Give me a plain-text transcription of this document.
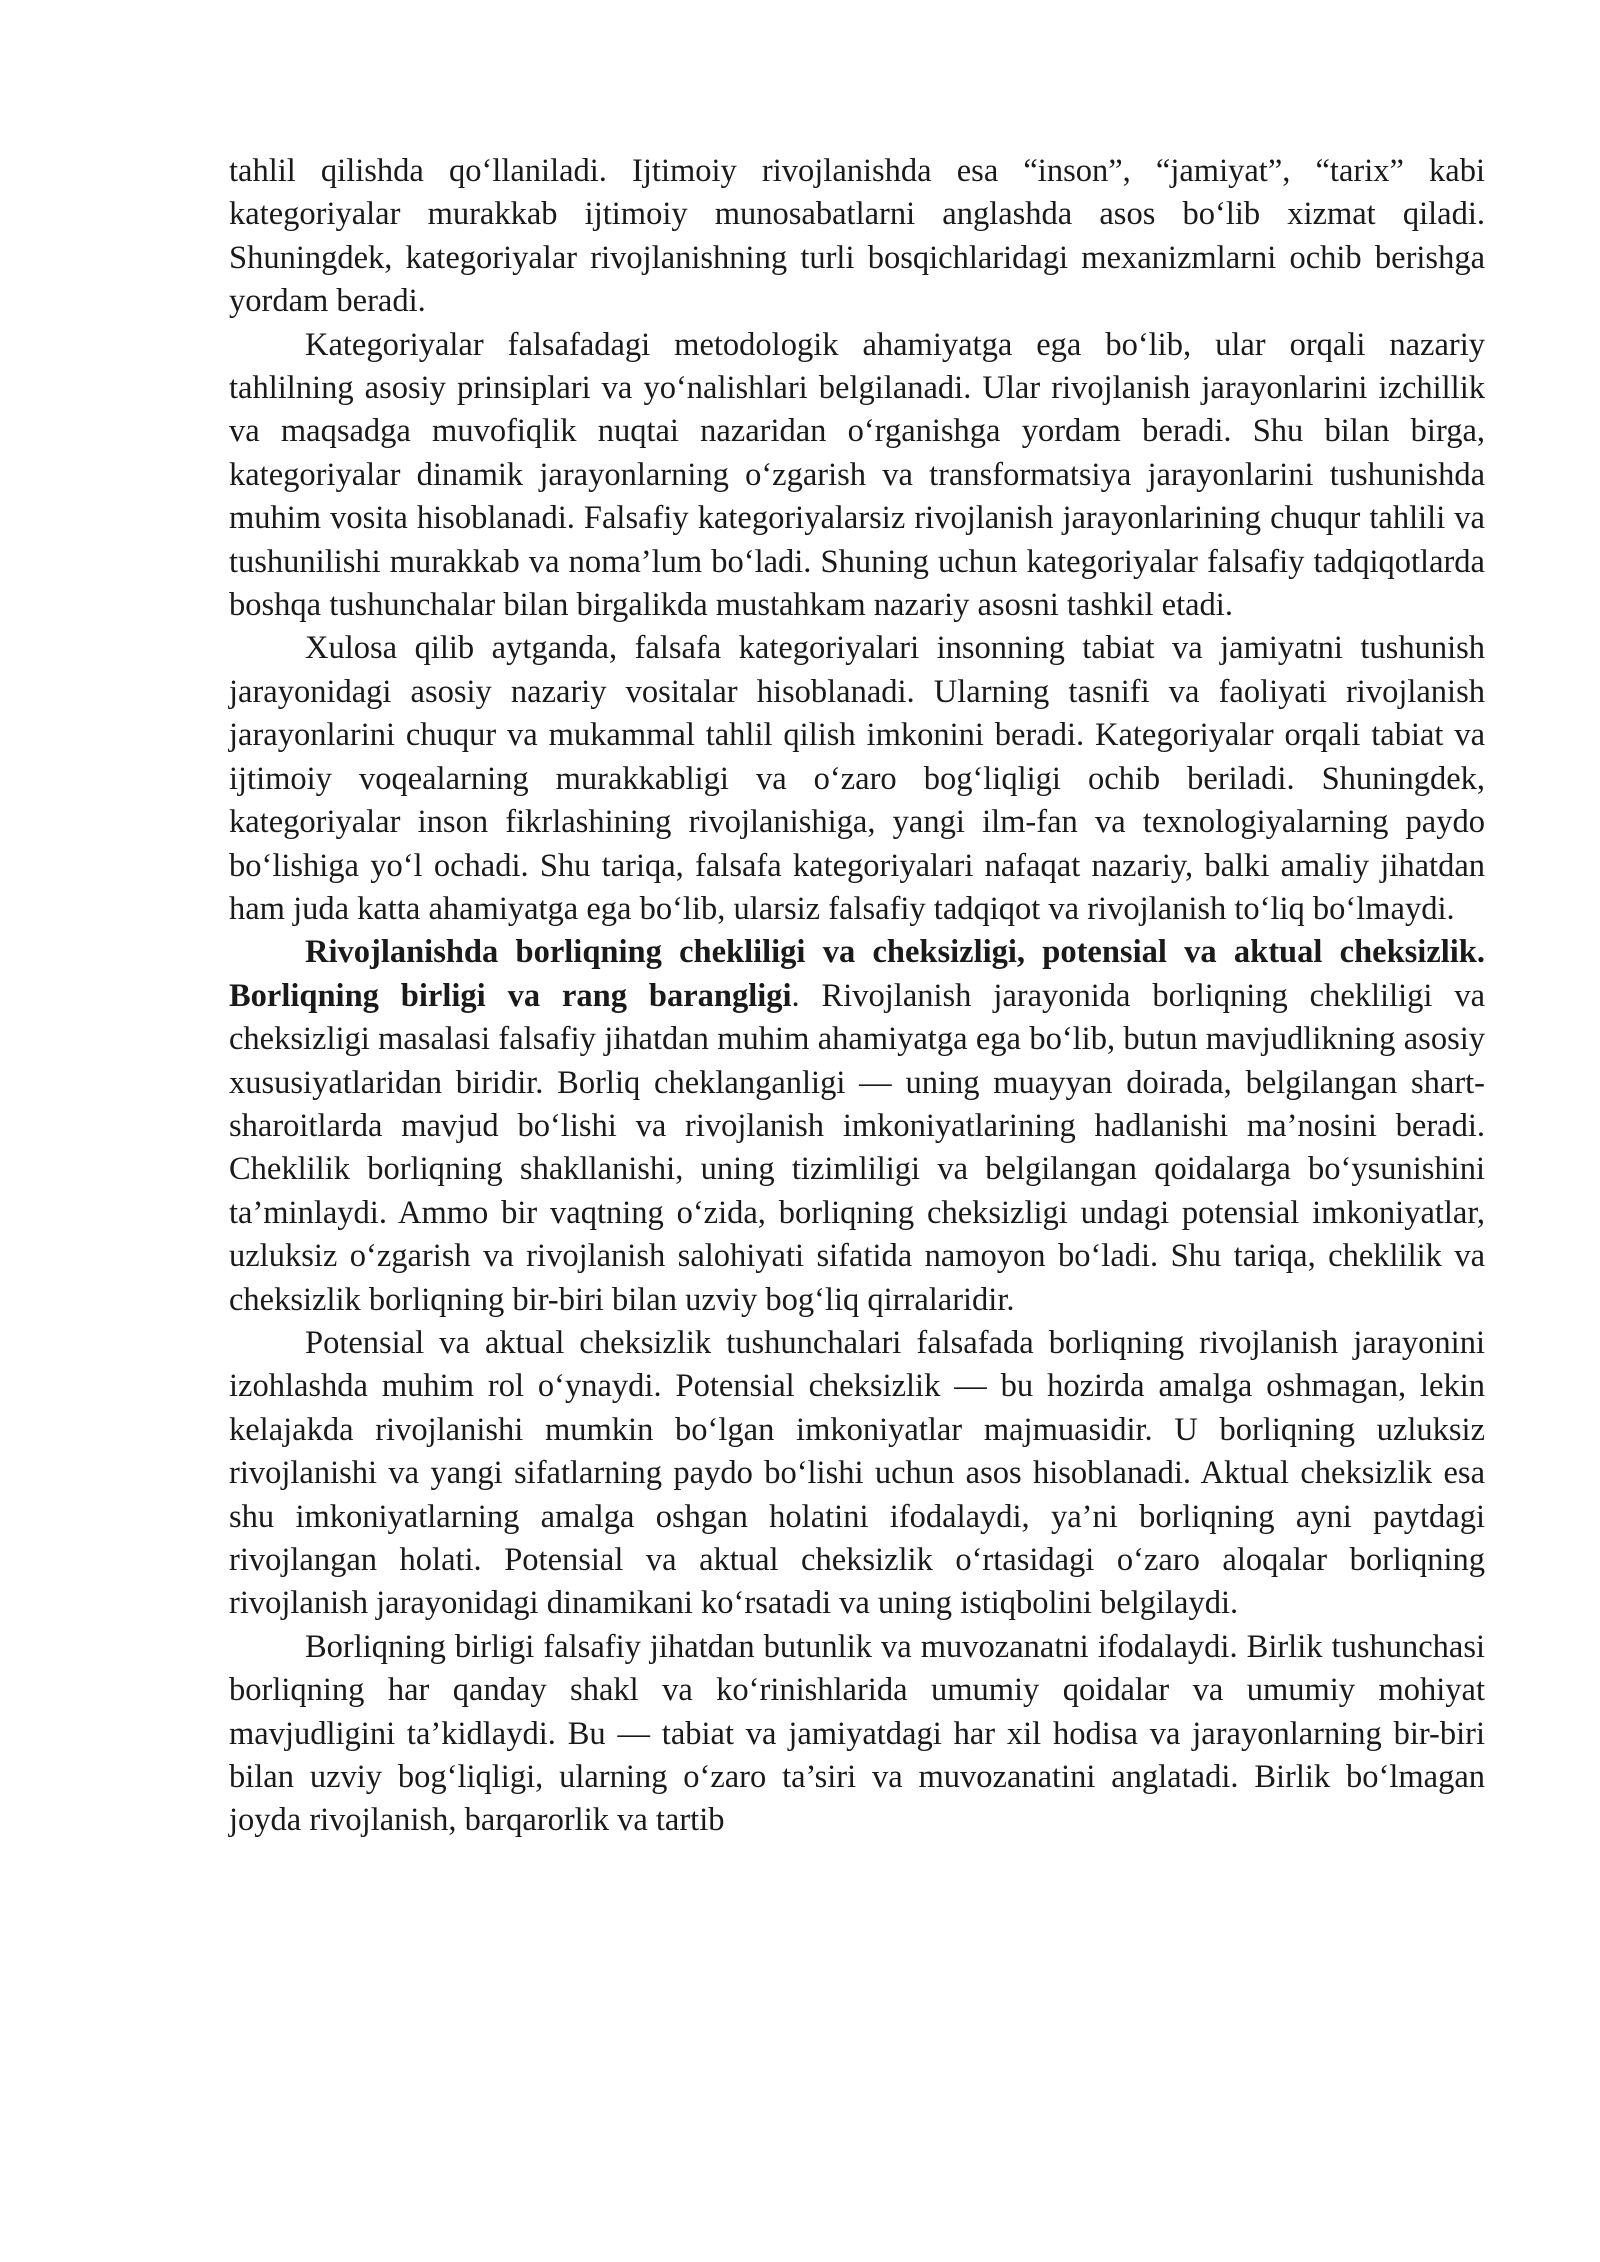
tahlil qilishda qo‘llaniladi. Ijtimoiy rivojlanishda esa “inson”, “jamiyat”, “tarix” kabi kategoriyalar murakkab ijtimoiy munosabatlarni anglashda asos bo‘lib xizmat qiladi. Shuningdek, kategoriyalar rivojlanishning turli bosqichlaridagi mexanizmlarni ochib berishga yordam beradi.

Kategoriyalar falsafadagi metodologik ahamiyatga ega bo‘lib, ular orqali nazariy tahlilning asosiy prinsiplari va yo‘nalishlari belgilanadi. Ular rivojlanish jarayonlarini izchillik va maqsadga muvofiqlik nuqtai nazaridan o‘rganishga yordam beradi. Shu bilan birga, kategoriyalar dinamik jarayonlarning o‘zgarish va transformatsiya jarayonlarini tushunishda muhim vosita hisoblanadi. Falsafiy kategoriyalarsiz rivojlanish jarayonlarining chuqur tahlili va tushunilishi murakkab va noma’lum bo‘ladi. Shuning uchun kategoriyalar falsafiy tadqiqotlarda boshqa tushunchalar bilan birgalikda mustahkam nazariy asosni tashkil etadi.

Xulosa qilib aytganda, falsafa kategoriyalari insonning tabiat va jamiyatni tushunish jarayonidagi asosiy nazariy vositalar hisoblanadi. Ularning tasnifi va faoliyati rivojlanish jarayonlarini chuqur va mukammal tahlil qilish imkonini beradi. Kategoriyalar orqali tabiat va ijtimoiy voqealarning murakkabligi va o‘zaro bog‘liqligi ochib beriladi. Shuningdek, kategoriyalar inson fikrlashining rivojlanishiga, yangi ilm-fan va texnologiyalarning paydo bo‘lishiga yo‘l ochadi. Shu tariqa, falsafa kategoriyalari nafaqat nazariy, balki amaliy jihatdan ham juda katta ahamiyatga ega bo‘lib, ularsiz falsafiy tadqiqot va rivojlanish to‘liq bo‘lmaydi.

Rivojlanishda borliqning chekliligi va cheksizligi, potensial va aktual cheksizlik. Borliqning birligi va rang barangligi. Rivojlanish jarayonida borliqning chekliligi va cheksizligi masalasi falsafiy jihatdan muhim ahamiyatga ega bo‘lib, butun mavjudlikning asosiy xususiyatlaridan biridir. Borliq cheklanganligi — uning muayyan doirada, belgilangan shart-sharoitlarda mavjud bo‘lishi va rivojlanish imkoniyatlarining hadlanishi ma’nosini beradi. Cheklilik borliqning shakllanishi, uning tizimliligi va belgilangan qoidalarga bo‘ysunishini ta’minlaydi. Ammo bir vaqtning o‘zida, borliqning cheksizligi undagi potensial imkoniyatlar, uzluksiz o‘zgarish va rivojlanish salohiyati sifatida namoyon bo‘ladi. Shu tariqa, cheklilik va cheksizlik borliqning bir-biri bilan uzviy bog‘liq qirralaridir.

Potensial va aktual cheksizlik tushunchalari falsafada borliqning rivojlanish jarayonini izohlashda muhim rol o‘ynaydi. Potensial cheksizlik — bu hozirda amalga oshmagan, lekin kelajakda rivojlanishi mumkin bo‘lgan imkoniyatlar majmuasidir. U borliqning uzluksiz rivojlanishi va yangi sifatlarning paydo bo‘lishi uchun asos hisoblanadi. Aktual cheksizlik esa shu imkoniyatlarning amalga oshgan holatini ifodalaydi, ya’ni borliqning ayni paytdagi rivojlangan holati. Potensial va aktual cheksizlik o‘rtasidagi o‘zaro aloqalar borliqning rivojlanish jarayonidagi dinamikani ko‘rsatadi va uning istiqbolini belgilaydi.

Borliqning birligi falsafiy jihatdan butunlik va muvozanatni ifodalaydi. Birlik tushunchasi borliqning har qanday shakl va ko‘rinishlarida umumiy qoidalar va umumiy mohiyat mavjudligini ta’kidlaydi. Bu — tabiat va jamiyatdagi har xil hodisa va jarayonlarning bir-biri bilan uzviy bog‘liqligi, ularning o‘zaro ta’siri va muvozanatini anglatadi. Birlik bo‘lmagan joyda rivojlanish, barqarorlik va tartib
